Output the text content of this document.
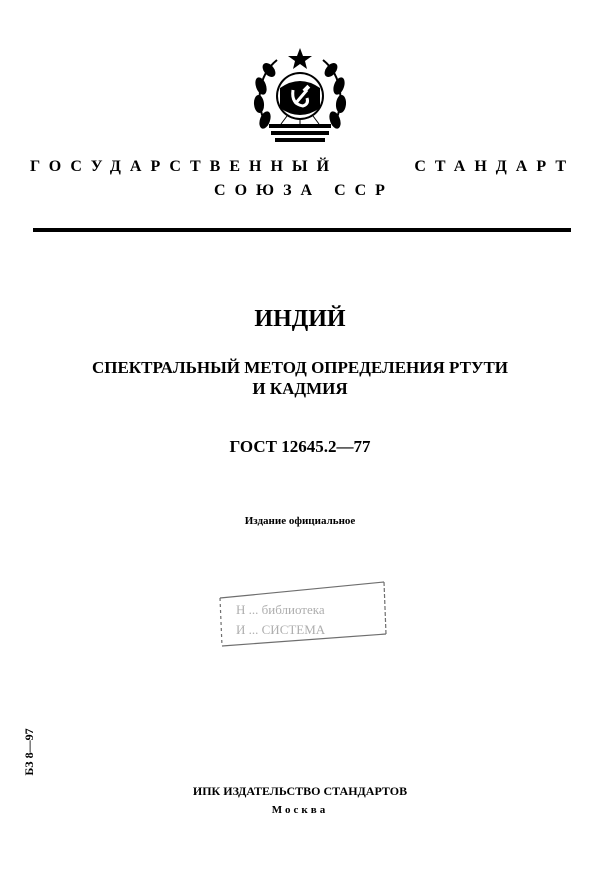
ГОСУДАРСТВЕННЫЙ СТАНДАРТ
СОЮЗА ССР
ИНДИЙ
СПЕКТРАЛЬНЫЙ МЕТОД ОПРЕДЕЛЕНИЯ РТУТИ
И КАДМИЯ
ГОСТ 12645.2—77
Издание официальное
Н ... библиотека
И ... СИСТЕМА
БЗ 8—97
ИПК ИЗДАТЕЛЬСТВО СТАНДАРТОВ
Москва
